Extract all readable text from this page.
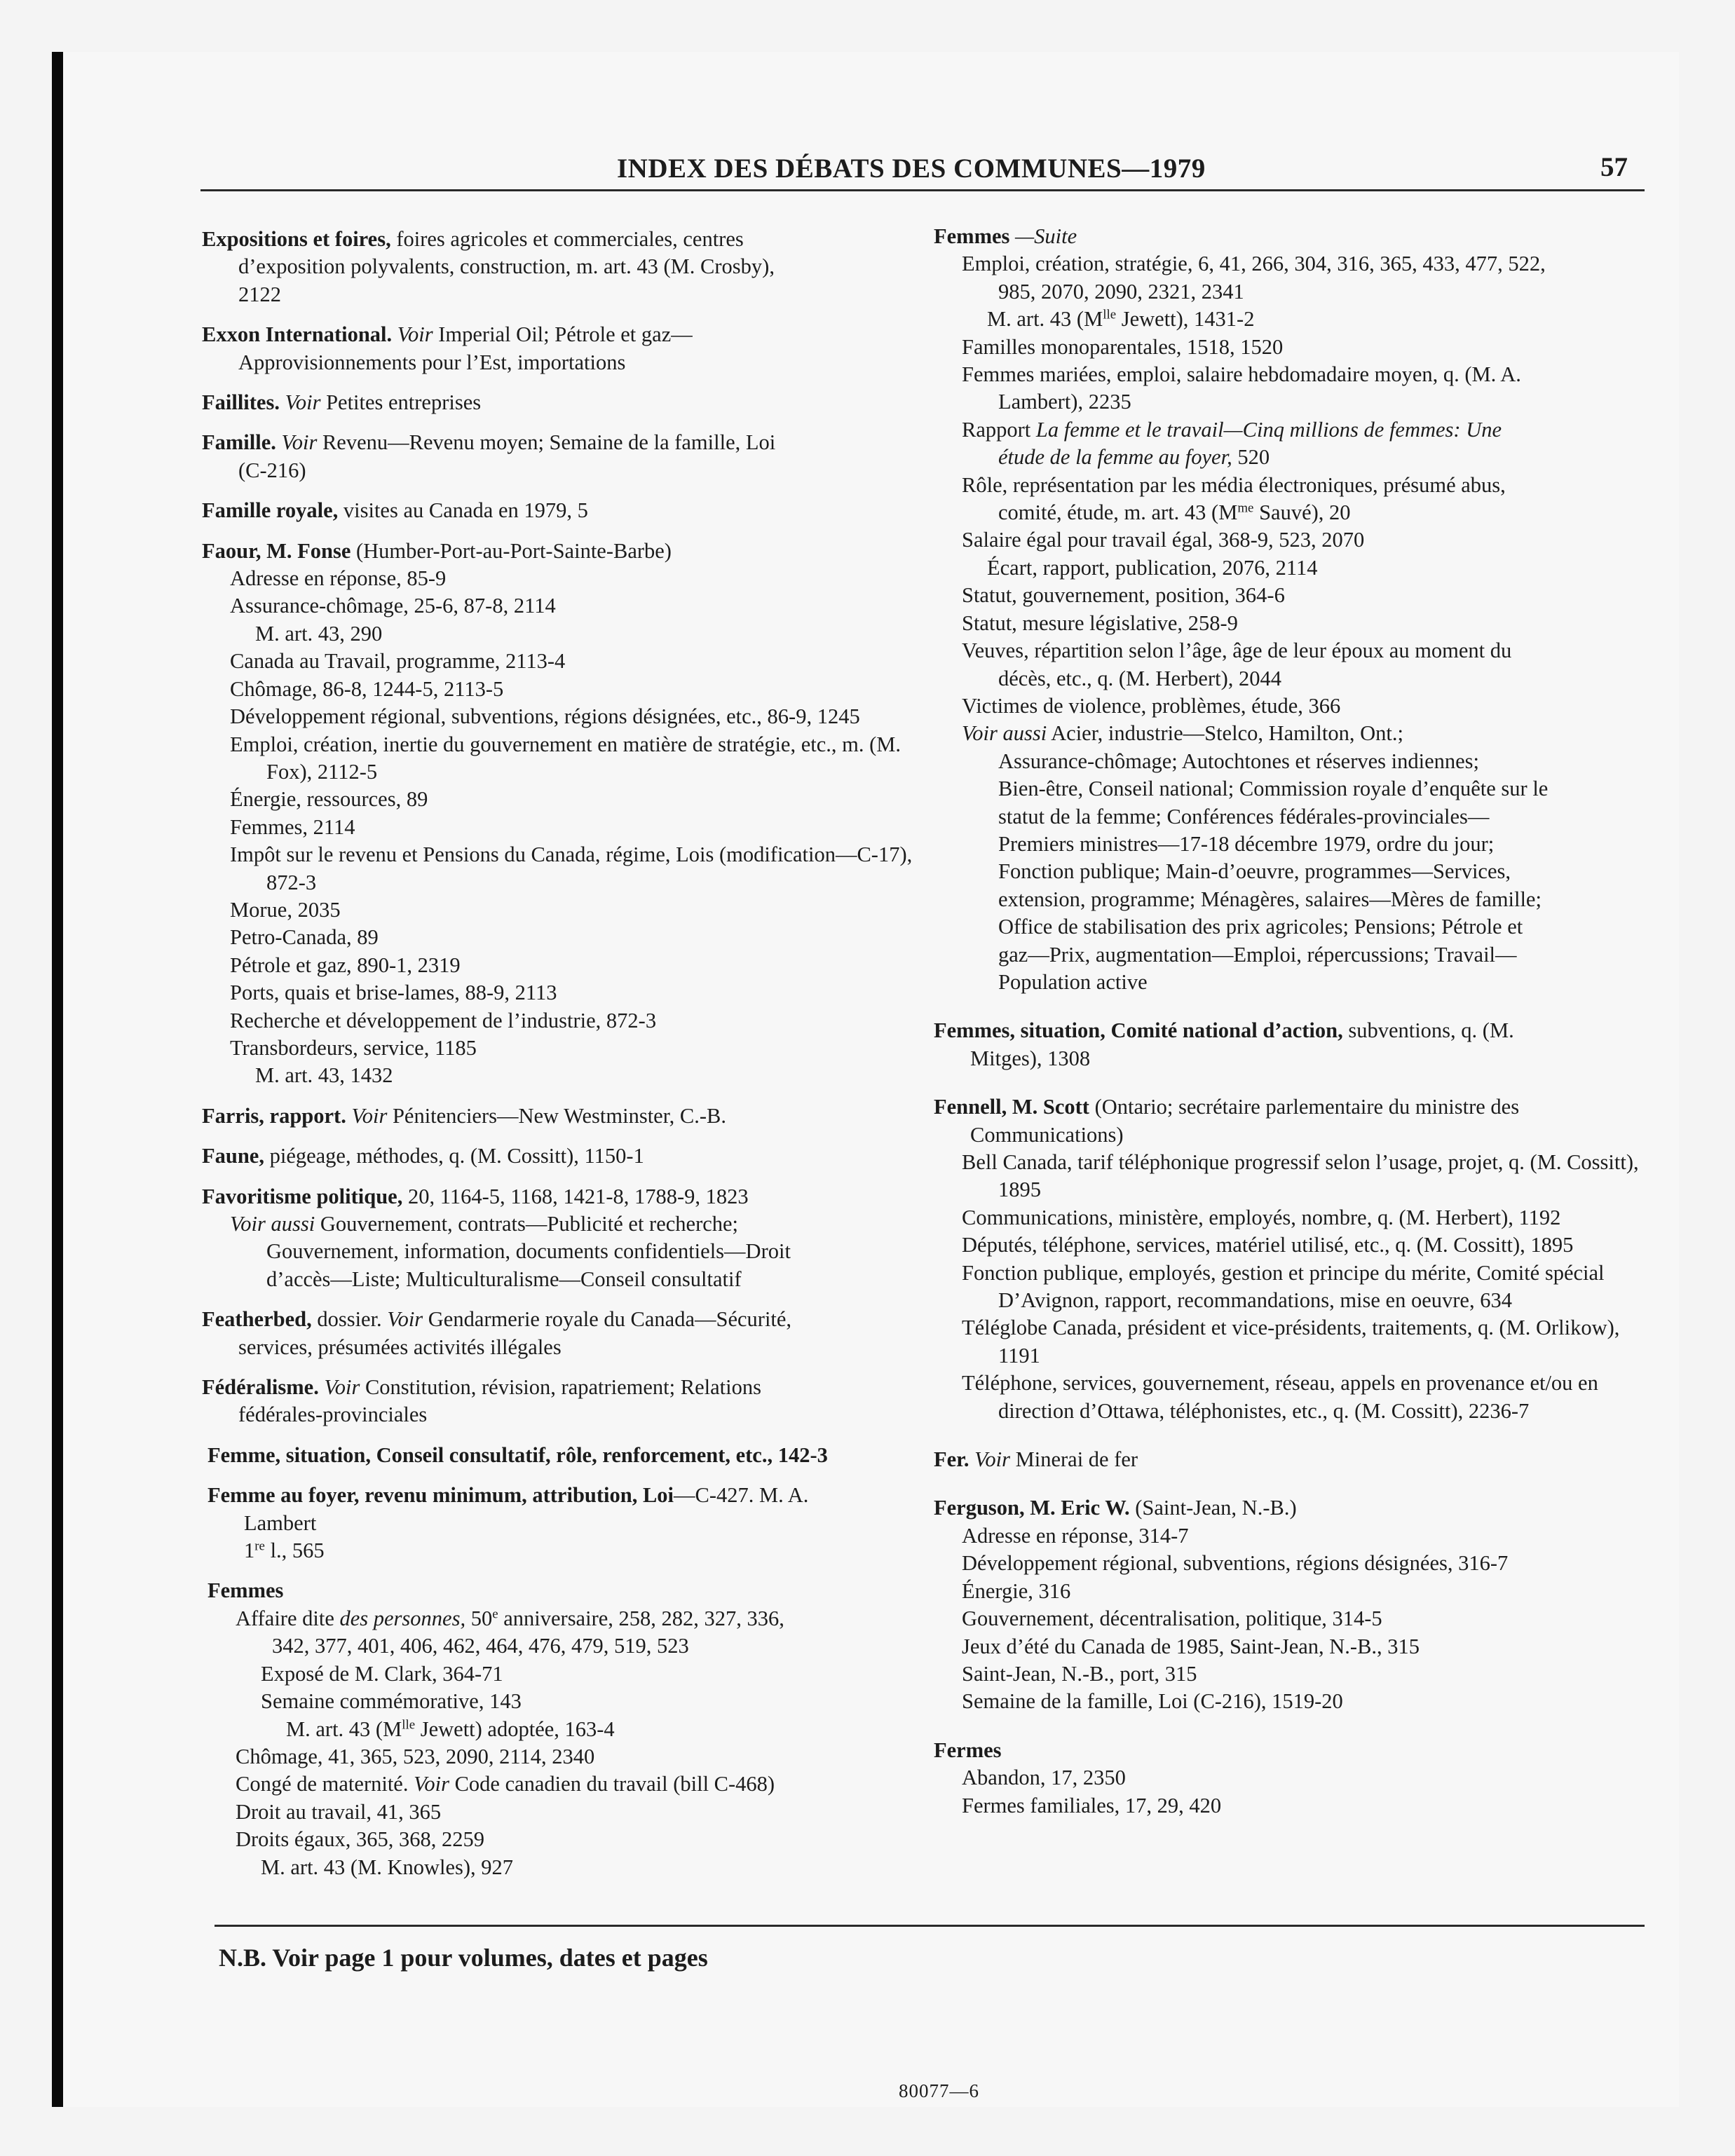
INDEX DES DÉBATS DES COMMUNES—1979	57
Expositions et foires, foires agricoles et commerciales, centres
d’exposition polyvalents, construction, m. art. 43 (M. Crosby),
2122
Exxon International. Voir Imperial Oil; Pétrole et gaz—
Approvisionnements pour l’Est, importations
Faillites. Voir Petites entreprises
Famille. Voir Revenu—Revenu moyen; Semaine de la famille, Loi
(C-216)
Famille royale, visites au Canada en 1979, 5
Faour, M. Fonse (Humber-Port-au-Port-Sainte-Barbe)
Adresse en réponse, 85-9
Assurance-chômage, 25-6, 87-8, 2114
M. art. 43, 290
Canada au Travail, programme, 2113-4
Chômage, 86-8, 1244-5, 2113-5
Développement régional, subventions, régions désignées, etc., 86-9, 1245
Emploi, création, inertie du gouvernement en matière de stratégie, etc., m. (M. Fox), 2112-5
Énergie, ressources, 89
Femmes, 2114
Impôt sur le revenu et Pensions du Canada, régime, Lois (modification—C-17), 872-3
Morue, 2035
Petro-Canada, 89
Pétrole et gaz, 890-1, 2319
Ports, quais et brise-lames, 88-9, 2113
Recherche et développement de l’industrie, 872-3
Transbordeurs, service, 1185
M. art. 43, 1432
Farris, rapport. Voir Pénitenciers—New Westminster, C.-B.
Faune, piégeage, méthodes, q. (M. Cossitt), 1150-1
Favoritisme politique, 20, 1164-5, 1168, 1421-8, 1788-9, 1823
Voir aussi Gouvernement, contrats—Publicité et recherche;
Gouvernement, information, documents confidentiels—Droit
d’accès—Liste; Multiculturalisme—Conseil consultatif
Featherbed, dossier. Voir Gendarmerie royale du Canada—Sécurité,
services, présumées activités illégales
Fédéralisme. Voir Constitution, révision, rapatriement; Relations
fédérales-provinciales
Femme, situation, Conseil consultatif, rôle, renforcement, etc., 142-3
Femme au foyer, revenu minimum, attribution, Loi—C-427. M. A.
Lambert
1re l., 565
Femmes
Affaire dite des personnes, 50e anniversaire, 258, 282, 327, 336,
342, 377, 401, 406, 462, 464, 476, 479, 519, 523
Exposé de M. Clark, 364-71
Semaine commémorative, 143
M. art. 43 ($M^{lle}$ Jewett) adoptée, 163-4
Chômage, 41, 365, 523, 2090, 2114, 2340
Congé de maternité. Voir Code canadien du travail (bill C-468)
Droit au travail, 41, 365
Droits égaux, 365, 368, 2259
M. art. 43 (M. Knowles), 927
Femmes —Suite
Emploi, création, stratégie, 6, 41, 266, 304, 316, 365, 433, 477, 522,
985, 2070, 2090, 2321, 2341
M. art. 43 ($M^{lle}$ Jewett), 1431-2
Familles monoparentales, 1518, 1520
Femmes mariées, emploi, salaire hebdomadaire moyen, q. (M. A.
Lambert), 2235
Rapport La femme et le travail—Cinq millions de femmes: Une
étude de la femme au foyer, 520
Rôle, représentation par les média électroniques, présumé abus,
comité, étude, m. art. 43 ($M^{me}$ Sauvé), 20
Salaire égal pour travail égal, 368-9, 523, 2070
Écart, rapport, publication, 2076, 2114
Statut, gouvernement, position, 364-6
Statut, mesure législative, 258-9
Veuves, répartition selon l’âge, âge de leur époux au moment du
décès, etc., q. (M. Herbert), 2044
Victimes de violence, problèmes, étude, 366
Voir aussi Acier, industrie—Stelco, Hamilton, Ont.;
Assurance-chômage; Autochtones et réserves indiennes;
Bien-être, Conseil national; Commission royale d’enquête sur le
statut de la femme; Conférences fédérales-provinciales—
Premiers ministres—17-18 décembre 1979, ordre du jour;
Fonction publique; Main-d’oeuvre, programmes—Services,
extension, programme; Ménagères, salaires—Mères de famille;
Office de stabilisation des prix agricoles; Pensions; Pétrole et
gaz—Prix, augmentation—Emploi, répercussions; Travail—
Population active
Femmes, situation, Comité national d’action, subventions, q. (M.
Mitges), 1308
Fennell, M. Scott (Ontario; secrétaire parlementaire du ministre des
Communications)
Bell Canada, tarif téléphonique progressif selon l’usage, projet, q. (M. Cossitt), 1895
Communications, ministère, employés, nombre, q. (M. Herbert), 1192
Députés, téléphone, services, matériel utilisé, etc., q. (M. Cossitt), 1895
Fonction publique, employés, gestion et principe du mérite, Comité spécial D’Avignon, rapport, recommandations, mise en oeuvre, 634
Téléglobe Canada, président et vice-présidents, traitements, q. (M. Orlikow), 1191
Téléphone, services, gouvernement, réseau, appels en provenance et/ou en direction d’Ottawa, téléphonistes, etc., q. (M. Cossitt), 2236-7
Fer. Voir Minerai de fer
Ferguson, M. Eric W. (Saint-Jean, N.-B.)
Adresse en réponse, 314-7
Développement régional, subventions, régions désignées, 316-7
Énergie, 316
Gouvernement, décentralisation, politique, 314-5
Jeux d’été du Canada de 1985, Saint-Jean, N.-B., 315
Saint-Jean, N.-B., port, 315
Semaine de la famille, Loi (C-216), 1519-20
Fermes
Abandon, 17, 2350
Fermes familiales, 17, 29, 420
N.B. Voir page 1 pour volumes, dates et pages
80077—6
